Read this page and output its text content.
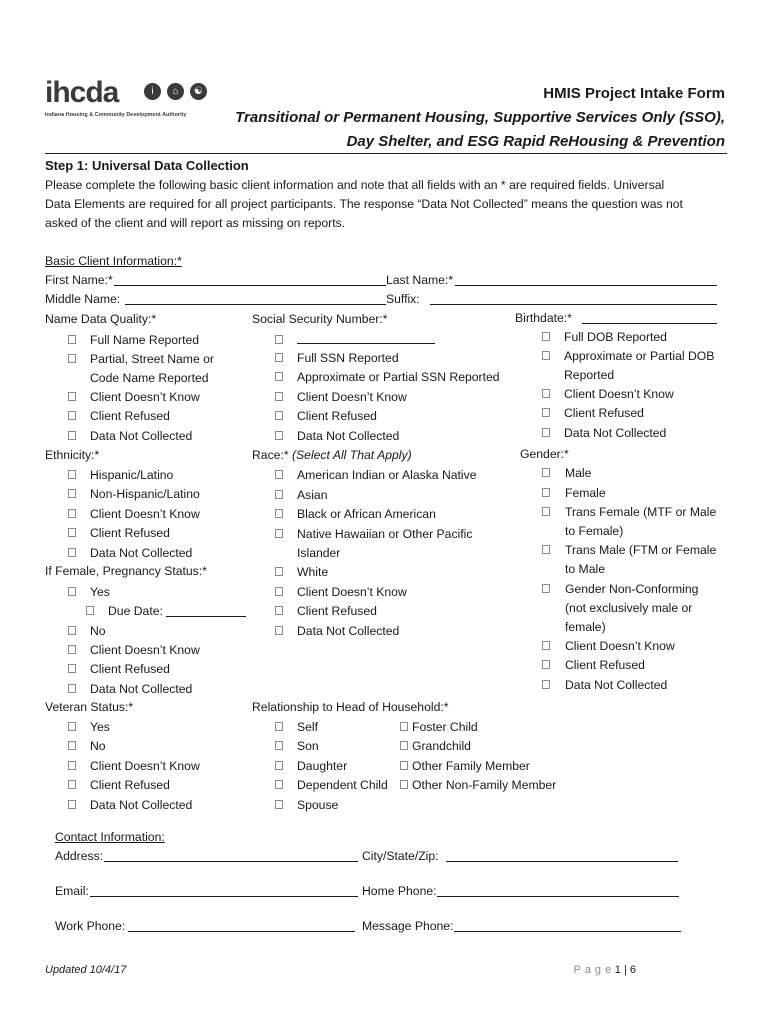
ihcda	i	⌂	☯
Indiana Housing & Community Development Authority
HMIS Project Intake Form
Transitional or Permanent Housing, Supportive Services Only (SSO),
Day Shelter, and ESG Rapid ReHousing & Prevention
Step 1: Universal Data Collection
Please complete the following basic client information and note that all fields with an * are required fields. Universal
Data Elements are required for all project participants. The response “Data Not Collected” means the question was not
asked of the client and will report as missing on reports.
Basic Client Information:*
First Name:*	Last Name:*
Middle Name:	Suffix:
Name Data Quality:*
Full Name Reported
Partial, Street Name or
Code Name Reported
Client Doesn’t Know
Client Refused
Data Not Collected
Social Security Number:*
Full SSN Reported
Approximate or Partial SSN Reported
Client Doesn’t Know
Client Refused
Data Not Collected
Birthdate:*
Full DOB Reported
Approximate or Partial DOB
Reported
Client Doesn’t Know
Client Refused
Data Not Collected
Ethnicity:*
Hispanic/Latino
Non-Hispanic/Latino
Client Doesn’t Know
Client Refused
Data Not Collected
Race:* (Select All That Apply)
American Indian or Alaska Native
Asian
Black or African American
Native Hawaiian or Other Pacific
Islander
White
Client Doesn’t Know
Client Refused
Data Not Collected
Gender:*
Male
Female
Trans Female (MTF or Male
to Female)
Trans Male (FTM or Female
to Male
Gender Non-Conforming
(not exclusively male or
female)
Client Doesn’t Know
Client Refused
Data Not Collected
If Female, Pregnancy Status:*
Yes
Due Date:
No
Client Doesn’t Know
Client Refused
Data Not Collected
Veteran Status:*
Yes
No
Client Doesn’t Know
Client Refused
Data Not Collected
Relationship to Head of Household:*
Self
Son
Daughter
Dependent Child
Spouse
Foster Child
Grandchild
Other Family Member
Other Non-Family Member
Contact Information:
Address:	City/State/Zip:
Email:	Home Phone:
Work Phone:	Message Phone:
Updated 10/4/17	P a g e 1 | 6
